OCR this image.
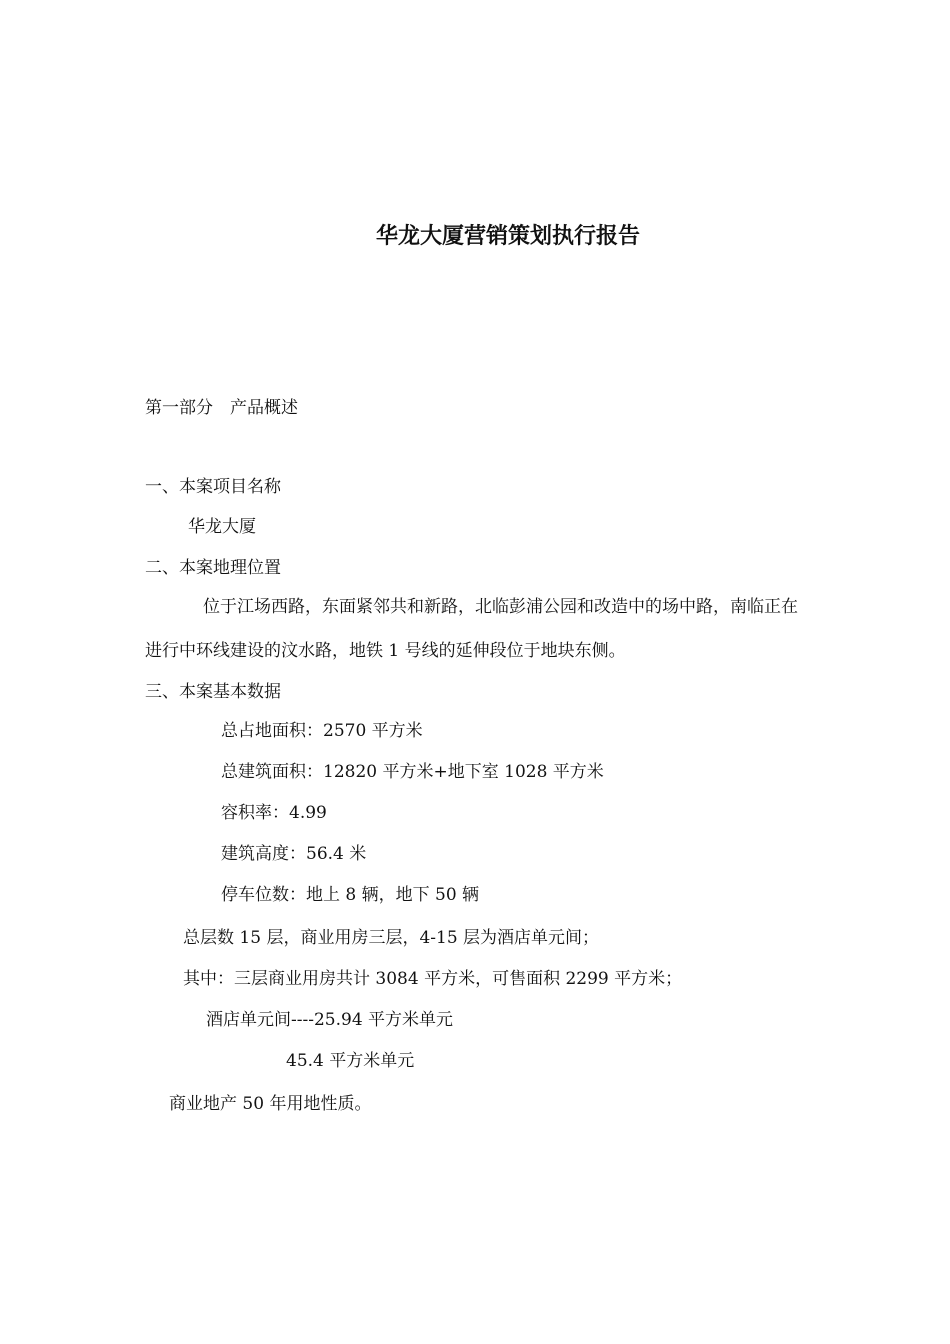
华龙大厦营销策划执行报告
第一部分　产品概述
一、本案项目名称
华龙大厦
二、本案地理位置
位于江场西路，东面紧邻共和新路，北临彭浦公园和改造中的场中路，南临正在
进行中环线建设的汶水路，地铁 1 号线的延伸段位于地块东侧。
三、本案基本数据
总占地面积：2570 平方米
总建筑面积：12820 平方米+地下室 1028 平方米
容积率：4.99
建筑高度：56.4 米
停车位数：地上 8 辆，地下 50 辆
总层数 15 层，商业用房三层，4-15 层为酒店单元间；
其中：三层商业用房共计 3084 平方米，可售面积 2299 平方米；
酒店单元间----25.94 平方米单元
45.4 平方米单元
商业地产 50 年用地性质。
